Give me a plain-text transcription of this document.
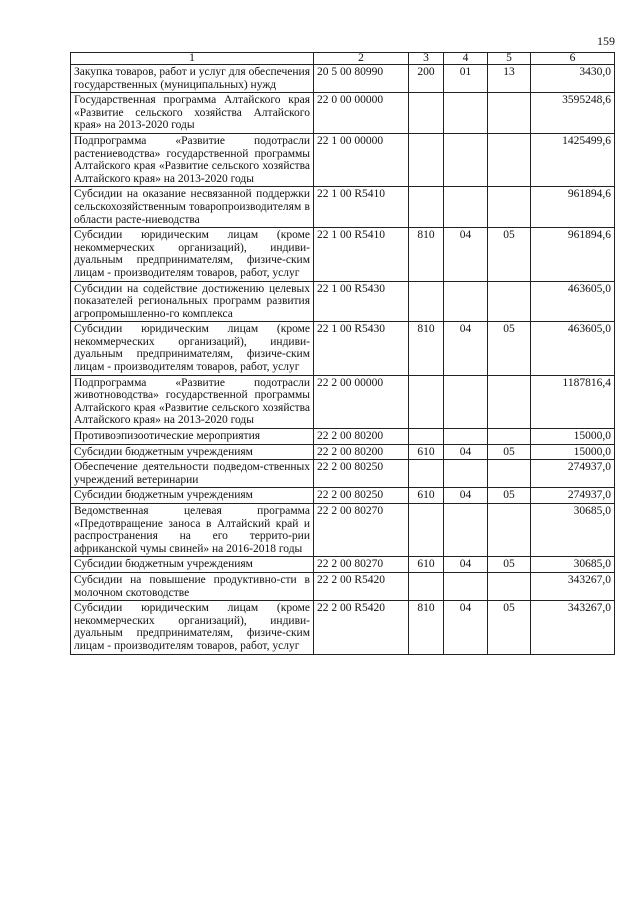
159
1	2	3	4	5	6
Закупка товаров, работ и услуг для обеспечения государственных (муниципальных) нужд	20 5 00 80990	200	01	13	3430,0
Государственная программа Алтайского края «Развитие сельского хозяйства Алтайского края» на 2013-2020 годы	22 0 00 00000				3595248,6
Подпрограмма «Развитие подотрасли растениеводства» государственной программы Алтайского края «Развитие сельского хозяйства Алтайского края» на 2013-2020 годы	22 1 00 00000				1425499,6
Субсидии на оказание несвязанной поддержки сельскохозяйственным товаропроизводителям в области расте-ниеводства	22 1 00 R5410				961894,6
Субсидии юридическим лицам (кроме некоммерческих организаций), индиви-дуальным предпринимателям, физиче-ским лицам - производителям товаров, работ, услуг	22 1 00 R5410	810	04	05	961894,6
Субсидии на содействие достижению целевых показателей региональных программ развития агропромышленно-го комплекса	22 1 00 R5430				463605,0
Субсидии юридическим лицам (кроме некоммерческих организаций), индиви-дуальным предпринимателям, физиче-ским лицам - производителям товаров, работ, услуг	22 1 00 R5430	810	04	05	463605,0
Подпрограмма «Развитие подотрасли животноводства» государственной программы Алтайского края «Развитие сельского хозяйства Алтайского края» на 2013-2020 годы	22 2 00 00000				1187816,4
Противоэпизоотические мероприятия	22 2 00 80200				15000,0
Субсидии бюджетным учреждениям	22 2 00 80200	610	04	05	15000,0
Обеспечение деятельности подведом-ственных учреждений ветеринарии	22 2 00 80250				274937,0
Субсидии бюджетным учреждениям	22 2 00 80250	610	04	05	274937,0
Ведомственная целевая программа «Предотвращение заноса в Алтайский край и распространения на его террито-рии африканской чумы свиней» на 2016-2018 годы	22 2 00 80270				30685,0
Субсидии бюджетным учреждениям	22 2 00 80270	610	04	05	30685,0
Субсидии на повышение продуктивно-сти в молочном скотоводстве	22 2 00 R5420				343267,0
Субсидии юридическим лицам (кроме некоммерческих организаций), индиви-дуальным предпринимателям, физиче-ским лицам - производителям товаров, работ, услуг	22 2 00 R5420	810	04	05	343267,0
